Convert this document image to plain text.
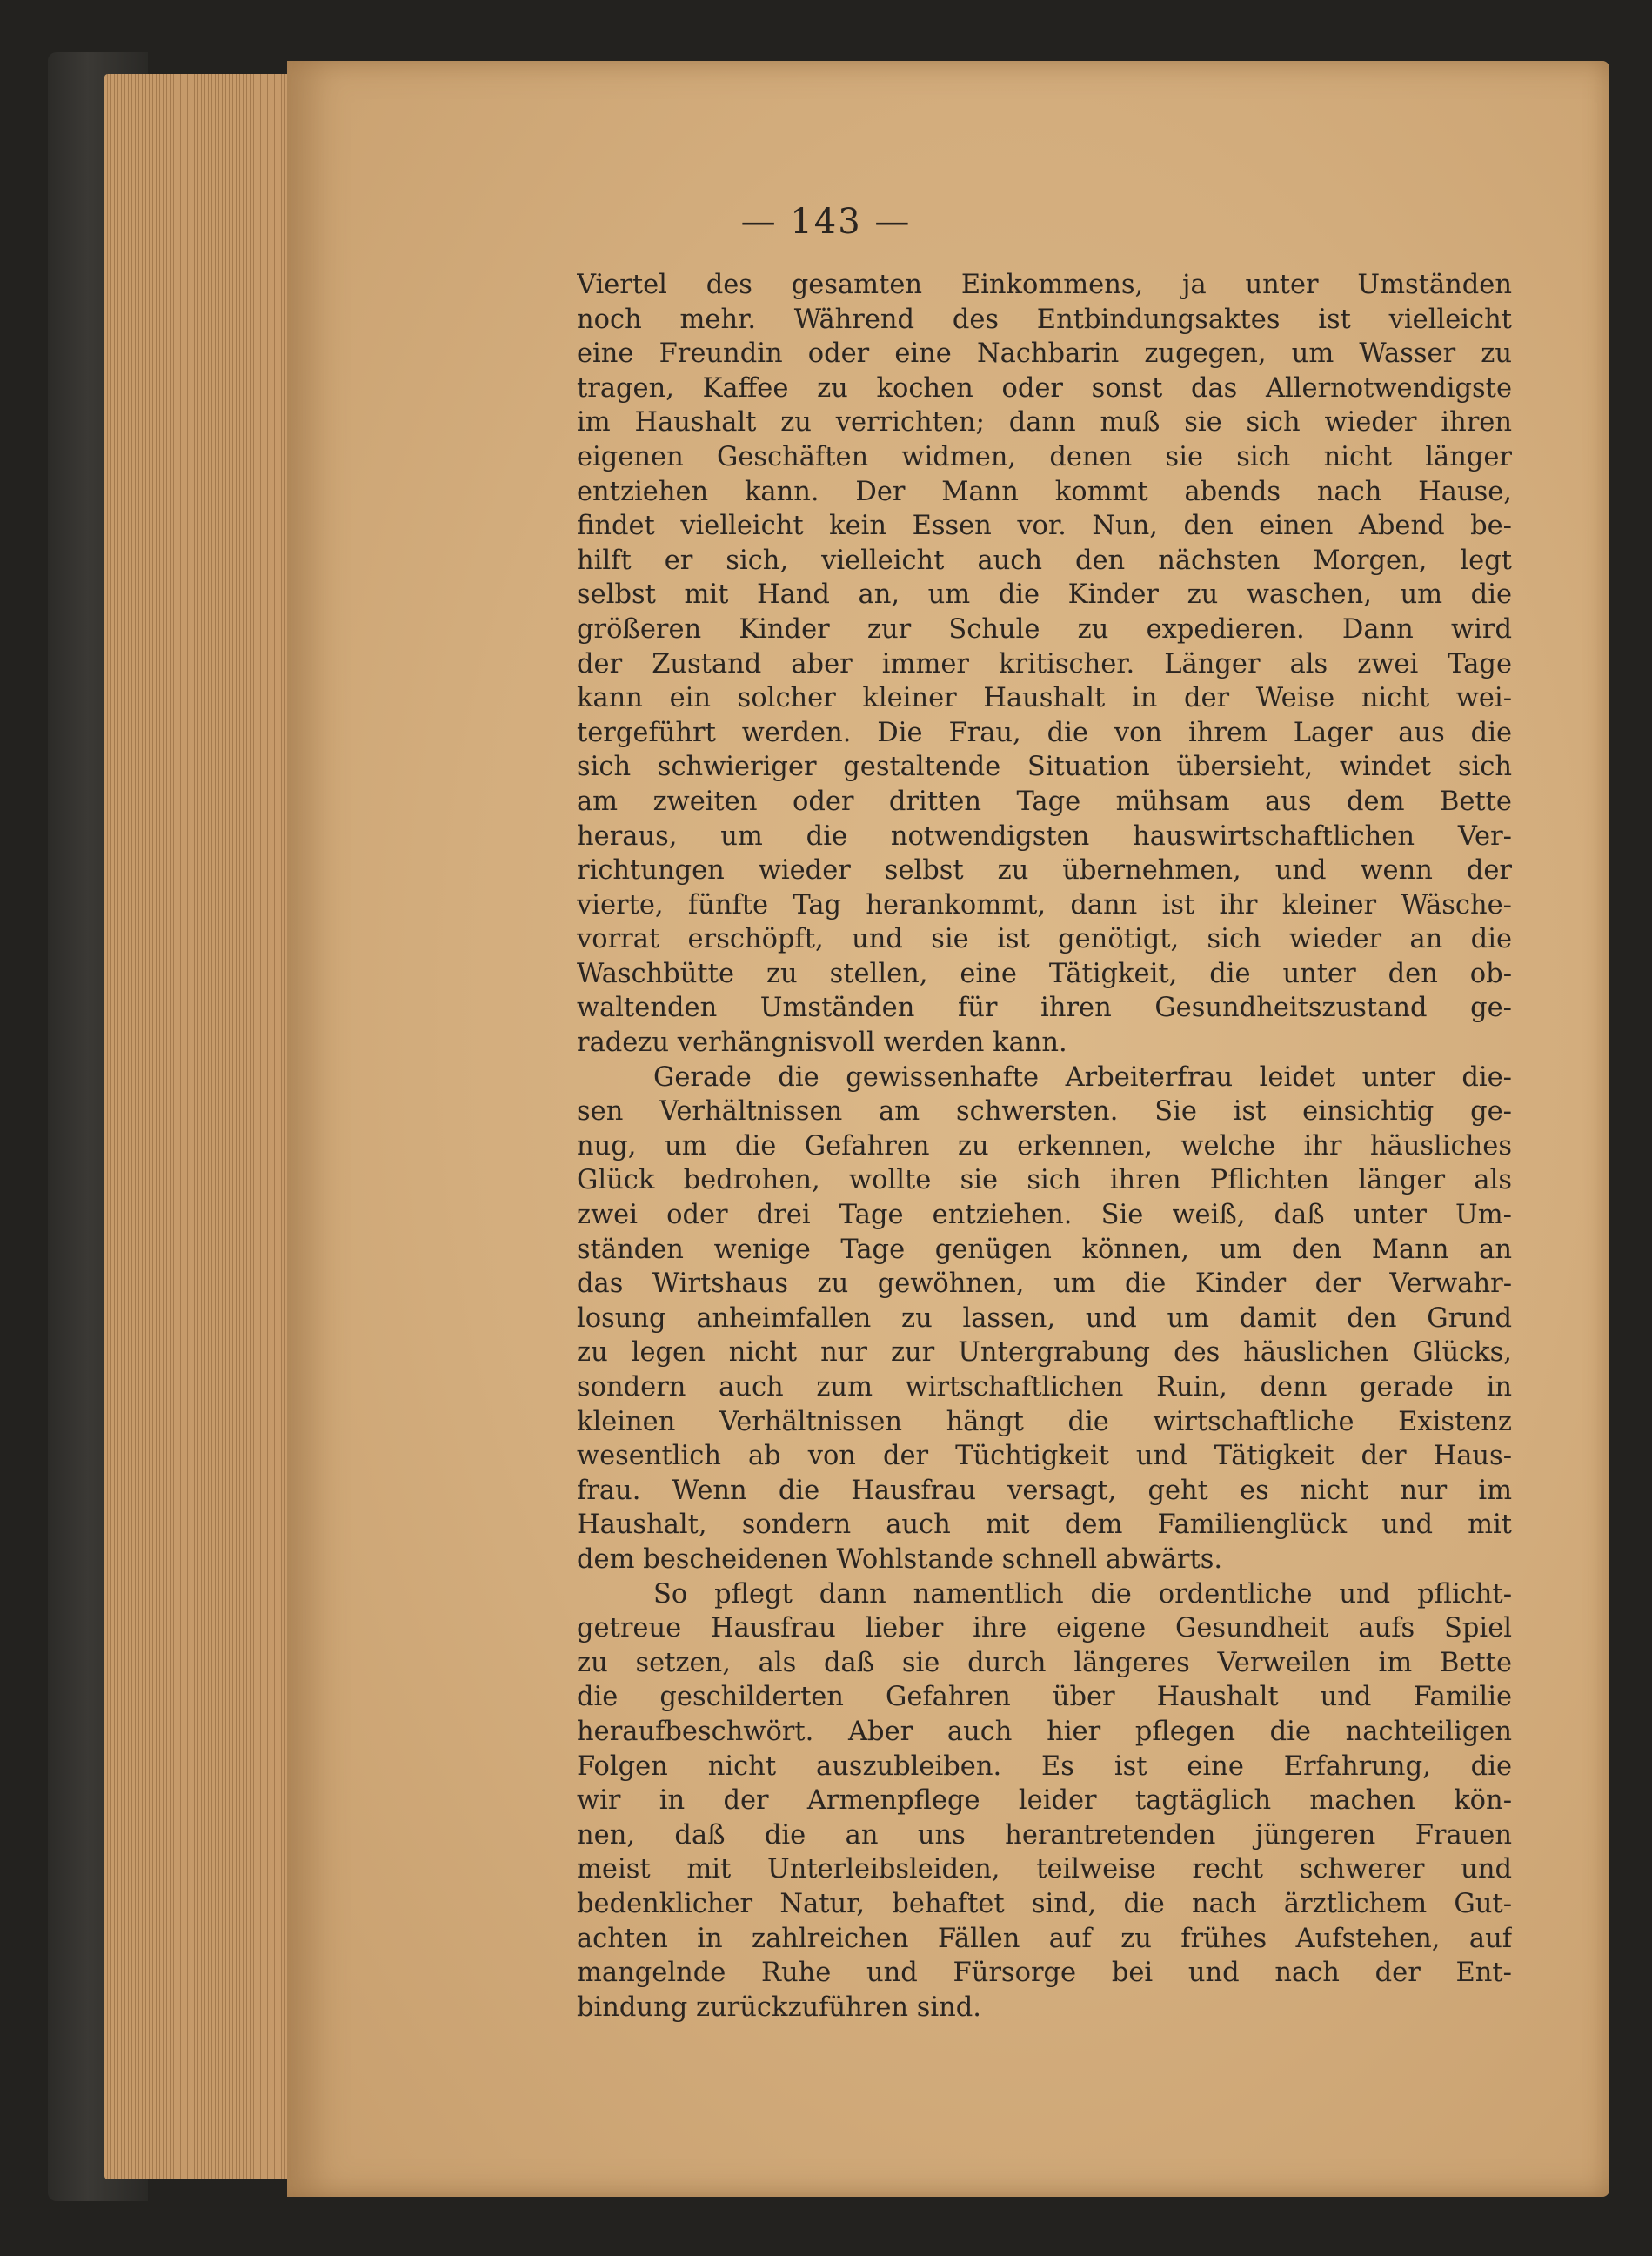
— 143 —
Viertel des gesamten Einkommens, ja unter Umständen
noch mehr. Während des Entbindungsaktes ist vielleicht
eine Freundin oder eine Nachbarin zugegen, um Wasser zu
tragen, Kaffee zu kochen oder sonst das Allernotwendigste
im Haushalt zu verrichten; dann muß sie sich wieder ihren
eigenen Geschäften widmen, denen sie sich nicht länger
entziehen kann. Der Mann kommt abends nach Hause,
findet vielleicht kein Essen vor. Nun, den einen Abend be-
hilft er sich, vielleicht auch den nächsten Morgen, legt
selbst mit Hand an, um die Kinder zu waschen, um die
größeren Kinder zur Schule zu expedieren. Dann wird
der Zustand aber immer kritischer. Länger als zwei Tage
kann ein solcher kleiner Haushalt in der Weise nicht wei-
tergeführt werden. Die Frau, die von ihrem Lager aus die
sich schwieriger gestaltende Situation übersieht, windet sich
am zweiten oder dritten Tage mühsam aus dem Bette
heraus, um die notwendigsten hauswirtschaftlichen Ver-
richtungen wieder selbst zu übernehmen, und wenn der
vierte, fünfte Tag herankommt, dann ist ihr kleiner Wäsche-
vorrat erschöpft, und sie ist genötigt, sich wieder an die
Waschbütte zu stellen, eine Tätigkeit, die unter den ob-
waltenden Umständen für ihren Gesundheitszustand ge-
radezu verhängnisvoll werden kann.
Gerade die gewissenhafte Arbeiterfrau leidet unter die-
sen Verhältnissen am schwersten. Sie ist einsichtig ge-
nug, um die Gefahren zu erkennen, welche ihr häusliches
Glück bedrohen, wollte sie sich ihren Pflichten länger als
zwei oder drei Tage entziehen. Sie weiß, daß unter Um-
ständen wenige Tage genügen können, um den Mann an
das Wirtshaus zu gewöhnen, um die Kinder der Verwahr-
losung anheimfallen zu lassen, und um damit den Grund
zu legen nicht nur zur Untergrabung des häuslichen Glücks,
sondern auch zum wirtschaftlichen Ruin, denn gerade in
kleinen Verhältnissen hängt die wirtschaftliche Existenz
wesentlich ab von der Tüchtigkeit und Tätigkeit der Haus-
frau. Wenn die Hausfrau versagt, geht es nicht nur im
Haushalt, sondern auch mit dem Familienglück und mit
dem bescheidenen Wohlstande schnell abwärts.
So pflegt dann namentlich die ordentliche und pflicht-
getreue Hausfrau lieber ihre eigene Gesundheit aufs Spiel
zu setzen, als daß sie durch längeres Verweilen im Bette
die geschilderten Gefahren über Haushalt und Familie
heraufbeschwört. Aber auch hier pflegen die nachteiligen
Folgen nicht auszubleiben. Es ist eine Erfahrung, die
wir in der Armenpflege leider tagtäglich machen kön-
nen, daß die an uns herantretenden jüngeren Frauen
meist mit Unterleibsleiden, teilweise recht schwerer und
bedenklicher Natur, behaftet sind, die nach ärztlichem Gut-
achten in zahlreichen Fällen auf zu frühes Aufstehen, auf
mangelnde Ruhe und Fürsorge bei und nach der Ent-
bindung zurückzuführen sind.
